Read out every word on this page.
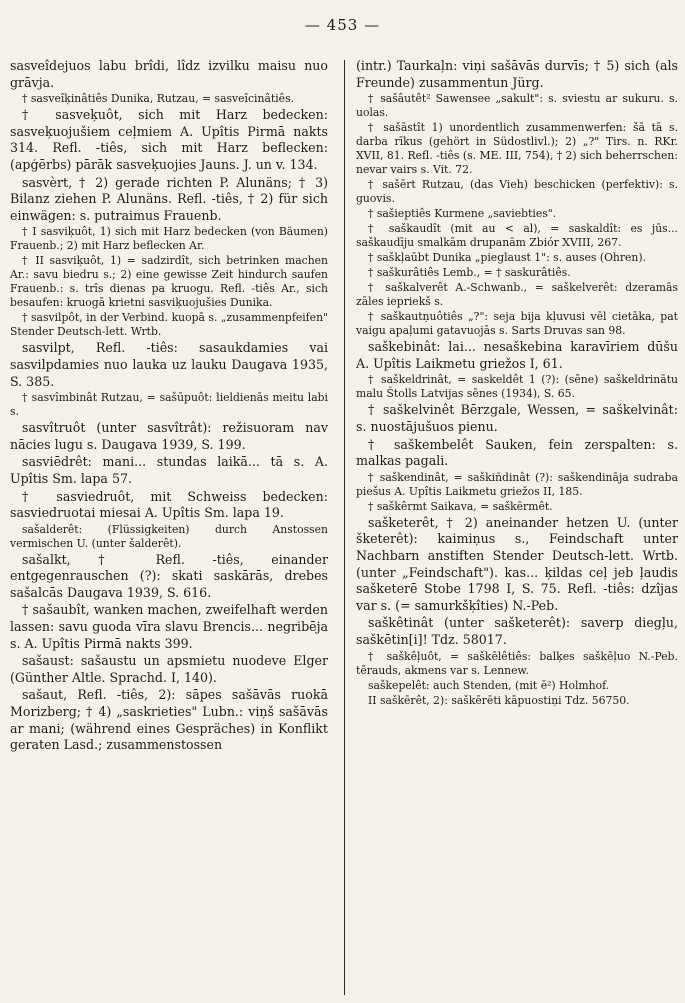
— 453 —

sasveîdejuos labu brîdi, lîdz izvilku maisu nuo grāvja.

† sasveîķinâtiês Dunika, Rutzau, = sasveîcinâtiês.

† sasveķuôt, sich mit Harz bedecken: sasveķuojušiem ceļmiem A. Upîtis Pirmā nakts 314. Refl. -tiês, sich mit Harz beflecken: (apģērbs) pārāk sasveķuojies Jauns. J. un v. 134.

sasvèrt, † 2) gerade richten P. Alunäns; † 3) Bilanz ziehen P. Alunäns. Refl. -tiês, † 2) für sich einwägen: s. putraimus Frauenb.

† I sasviķuôt, 1) sich mit Harz bedecken (von Bäumen) Frauenb.; 2) mit Harz beflecken Ar.

† II sasviķuôt, 1) = sadzirdît, sich betrinken machen Ar.: savu biedru s.; 2) eine gewisse Zeit hindurch saufen Frauenb.: s. trîs dienas pa kruogu. Refl. -tiês Ar., sich besaufen: kruogā krietni sasviķuojušies Dunika.

† sasvilpôt, in der Verbind. kuopā s. „zusammenpfeifen" Stender Deutsch-lett. Wrtb.

sasvilpt, Refl. -tiês: sasaukdamies vai sasvilpdamies nuo lauka uz lauku Daugava 1935, S. 385.

† sasvîmbinât Rutzau, = sašūpuôt: lieldienās meitu labi s.

sasvîtruôt (unter sasvîtrât): režisuoram nav nācies lugu s. Daugava 1939, S. 199.

sasviēdrêt: mani... stundas laikā... tā s. A. Upîtis Sm. lapa 57.

† sasviedruôt, mit Schweiss bedecken: sasviedruotai miesai A. Upîtis Sm. lapa 19.

sašalderêt: (Flüssigkeiten) durch Anstossen vermischen U. (unter šalderêt).

sašalkt, † Refl. -tiês, einander entgegenrauschen (?): skati saskārās, drebes sašalcās Daugava 1939, S. 616.

† sašaubît, wanken machen, zweifelhaft werden lassen: savu guoda vīra slavu Brencis... negribēja s. A. Upîtis Pirmā nakts 399.

sašaust: sašaustu un apsmietu nuodeve Elger (Günther Altle. Sprachd. I, 140).

sašaut, Refl. -tiês, 2): sāpes sašāvās ruokā Morizberg; † 4) „saskrieties" Lubn.: viņš sašāvās ar mani; (während eines Gespräches) in Konflikt geraten Lasd.; zusammenstossen

(intr.) Taurkaļn: viņi sašāvās durvīs; † 5) sich (als Freunde) zusammentun Jürg.

† sašâutêt² Sawensee „sakult": s. sviestu ar sukuru. s. uolas.

† sašāstît 1) unordentlich zusammenwerfen: šā tā s. darba rīkus (gehört in Südostlivl.); 2) „?" Tirs. n. RKr. XVII, 81. Refl. -tiês (s. ME. III, 754), † 2) sich beherrschen: nevar vairs s. Vit. 72.

† sašērt Rutzau, (das Vieh) beschicken (perfektiv): s. guovis.

† sašieptiês Kurmene „saviebties".

† saškaudît (mit au < al), = saskaldît: es jūs... saškaudīju smalkām drupanām Zbiór XVIII, 267.

† saškļaūbt Dunika „pieglaust 1": s. auses (Ohren).

† saškurâtiês Lemb., = † saskurâtiês.

† saškalverêt A.-Schwanb., = saškelverêt: dzeramās zāles iepriekš s.

† saškautņuôtiês „?": seja bija kļuvusi vēl cietāka, pat vaigu apaļumi gatavuojās s. Sarts Druvas san 98.

saškebinât: lai... nesaškebina karavīriem dūšu A. Upîtis Laikmetu griežos I, 61.

† saškeldrinât, = saskeldêt 1 (?): (sēne) saškeldrinātu malu Štolls Latvijas sēnes (1934), S. 65.

† saškelvinêt Bērzgale, Wessen, = saškelvinât: s. nuostājušuos pienu.

† saškembelêt Sauken, fein zerspalten: s. malkas pagali.

† saškendinât, = saškiñdinât (?): saškendināja sudraba piešus A. Upîtis Laikmetu griežos II, 185.

† saškêrmt Saikava, = saškērmêt.

sašketerêt, † 2) aneinander hetzen U. (unter šketerêt): kaimiņus s., Feindschaft unter Nachbarn anstiften Stender Deutsch-lett. Wrtb. (unter „Feindschaft"). kas... ķildas ceļ jeb ļaudis sašketerē Stobe 1798 I, S. 75. Refl. -tiês: dzîjas var s. (= samurkšķîties) N.-Peb.

saškêtinât (unter sašketerêt): saverp diegļu, saškētin[i]! Tdz. 58017.

† saškêļuôt, = saškēlêtiês: balķes saškēļuo N.-Peb. tērauds, akmens var s. Lennew.

saškepelêt: auch Stenden, (mit ē²) Holmhof.

II saškērêt, 2): saškērēti kāpuostiņi Tdz. 56750.
